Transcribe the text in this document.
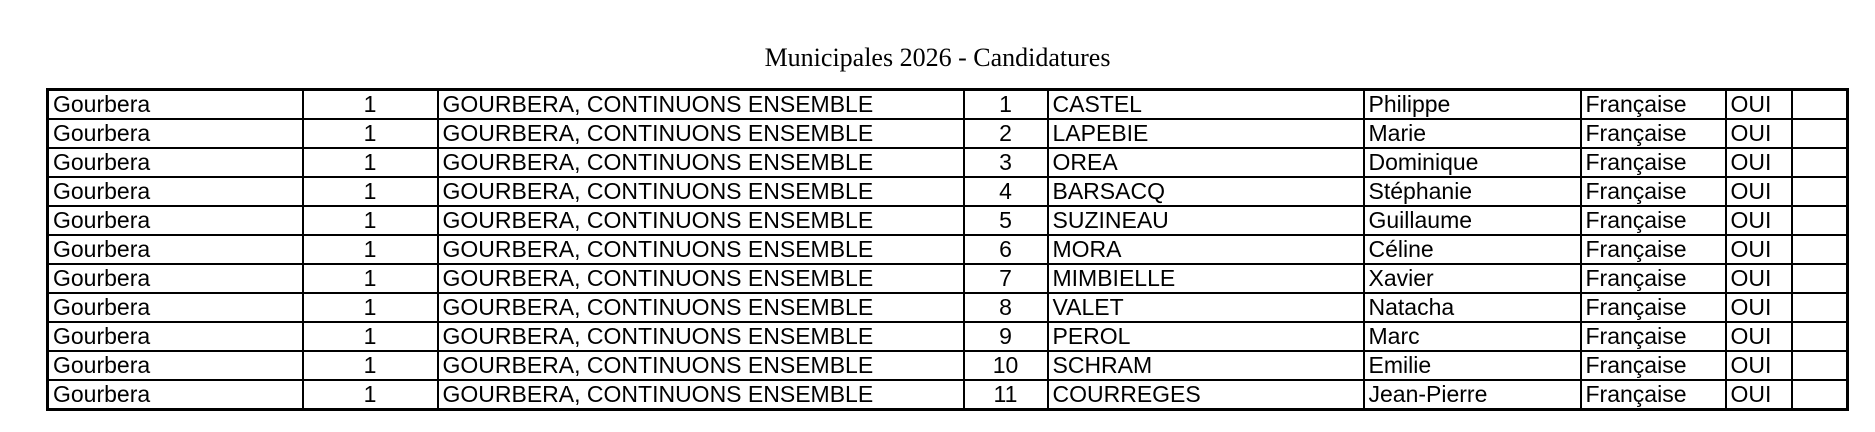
Municipales 2026 - Candidatures
Gourbera	1	GOURBERA, CONTINUONS ENSEMBLE	1	CASTEL	Philippe	Française	OUI	
Gourbera	1	GOURBERA, CONTINUONS ENSEMBLE	2	LAPEBIE	Marie	Française	OUI	
Gourbera	1	GOURBERA, CONTINUONS ENSEMBLE	3	OREA	Dominique	Française	OUI	
Gourbera	1	GOURBERA, CONTINUONS ENSEMBLE	4	BARSACQ	Stéphanie	Française	OUI	
Gourbera	1	GOURBERA, CONTINUONS ENSEMBLE	5	SUZINEAU	Guillaume	Française	OUI	
Gourbera	1	GOURBERA, CONTINUONS ENSEMBLE	6	MORA	Céline	Française	OUI	
Gourbera	1	GOURBERA, CONTINUONS ENSEMBLE	7	MIMBIELLE	Xavier	Française	OUI	
Gourbera	1	GOURBERA, CONTINUONS ENSEMBLE	8	VALET	Natacha	Française	OUI	
Gourbera	1	GOURBERA, CONTINUONS ENSEMBLE	9	PEROL	Marc	Française	OUI	
Gourbera	1	GOURBERA, CONTINUONS ENSEMBLE	10	SCHRAM	Emilie	Française	OUI	
Gourbera	1	GOURBERA, CONTINUONS ENSEMBLE	11	COURREGES	Jean-Pierre	Française	OUI	
